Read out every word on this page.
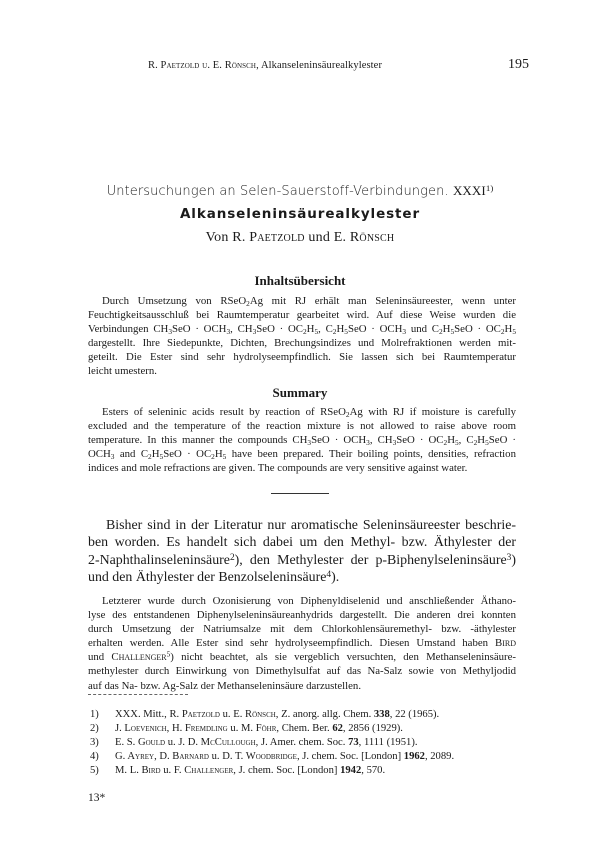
R. Paetzold u. E. Rönsch, Alkanseleninsäurealkylester	195
Untersuchungen an Selen-Sauerstoff-Verbindungen. XXXI$^{1)}$
Alkanseleninsäurealkylester
Von R. Paetzold und E. Rönsch
Inhaltsübersicht
Durch Umsetzung von RSeO$_2$Ag mit RJ erhält man Seleninsäureester, wenn unter
Feuchtigkeitsausschluß bei Raumtemperatur gearbeitet wird. Auf diese Weise wurden die
Verbindungen $CH_3SeO \cdot OCH_3$, $CH_3SeO \cdot OC_2H_5$, $C_2H_5SeO \cdot OCH_3$ und $C_2H_5SeO \cdot OC_2H_5$
dargestellt. Ihre Siedepunkte, Dichten, Brechungsindizes und Molrefraktionen werden mit-
geteilt. Die Ester sind sehr hydrolyseempfindlich. Sie lassen sich bei Raumtemperatur
leicht umestern.
Summary
Esters of seleninic acids result by reaction of RSeO$_2$Ag with RJ if moisture is carefully
excluded and the temperature of the reaction mixture is not allowed to raise above room
temperature. In this manner the compounds $CH_3SeO \cdot OCH_3$, $CH_3SeO \cdot OC_2H_5$, $C_2H_5SeO$ ·
$OCH_3$ and $C_2H_5SeO \cdot OC_2H_5$ have been prepared. Their boiling points, densities, refraction
indices and mole refractions are given. The compounds are very sensitive against water.
Bisher sind in der Literatur nur aromatische Seleninsäureester beschrie-
ben worden. Es handelt sich dabei um den Methyl- bzw. Äthylester der
2-Naphthalinseleninsäure$^2$), den Methylester der p-Biphenylseleninsäure$^3$)
und den Äthylester der Benzolseleninsäure$^4$).
Letzterer wurde durch Ozonisierung von Diphenyldiselenid und anschließender Äthano-
lyse des entstandenen Diphenylseleninsäureanhydrids dargestellt. Die anderen drei konnten
durch Umsetzung der Natriumsalze mit dem Chlorkohlensäuremethyl- bzw. -äthylester
erhalten werden. Alle Ester sind sehr hydrolyseempfindlich. Diesen Umstand haben Bird
und Challenger$^5$) nicht beachtet, als sie vergeblich versuchten, den Methanseleninsäure-
methylester durch Einwirkung von Dimethylsulfat auf das Na-Salz sowie von Methyljodid
auf das Na- bzw. Ag-Salz der Methanseleninsäure darzustellen.
1) XXX. Mitt., R. Paetzold u. E. Rönsch, Z. anorg. allg. Chem. 338, 22 (1965).
2) J. Loevenich, H. Fremdling u. M. Föhr, Chem. Ber. 62, 2856 (1929).
3) E. S. Gould u. J. D. McCullough, J. Amer. chem. Soc. 73, 1111 (1951).
4) G. Ayrey, D. Barnard u. D. T. Woodbridge, J. chem. Soc. [London] 1962, 2089.
5) M. L. Bird u. F. Challenger, J. chem. Soc. [London] 1942, 570.
13*
